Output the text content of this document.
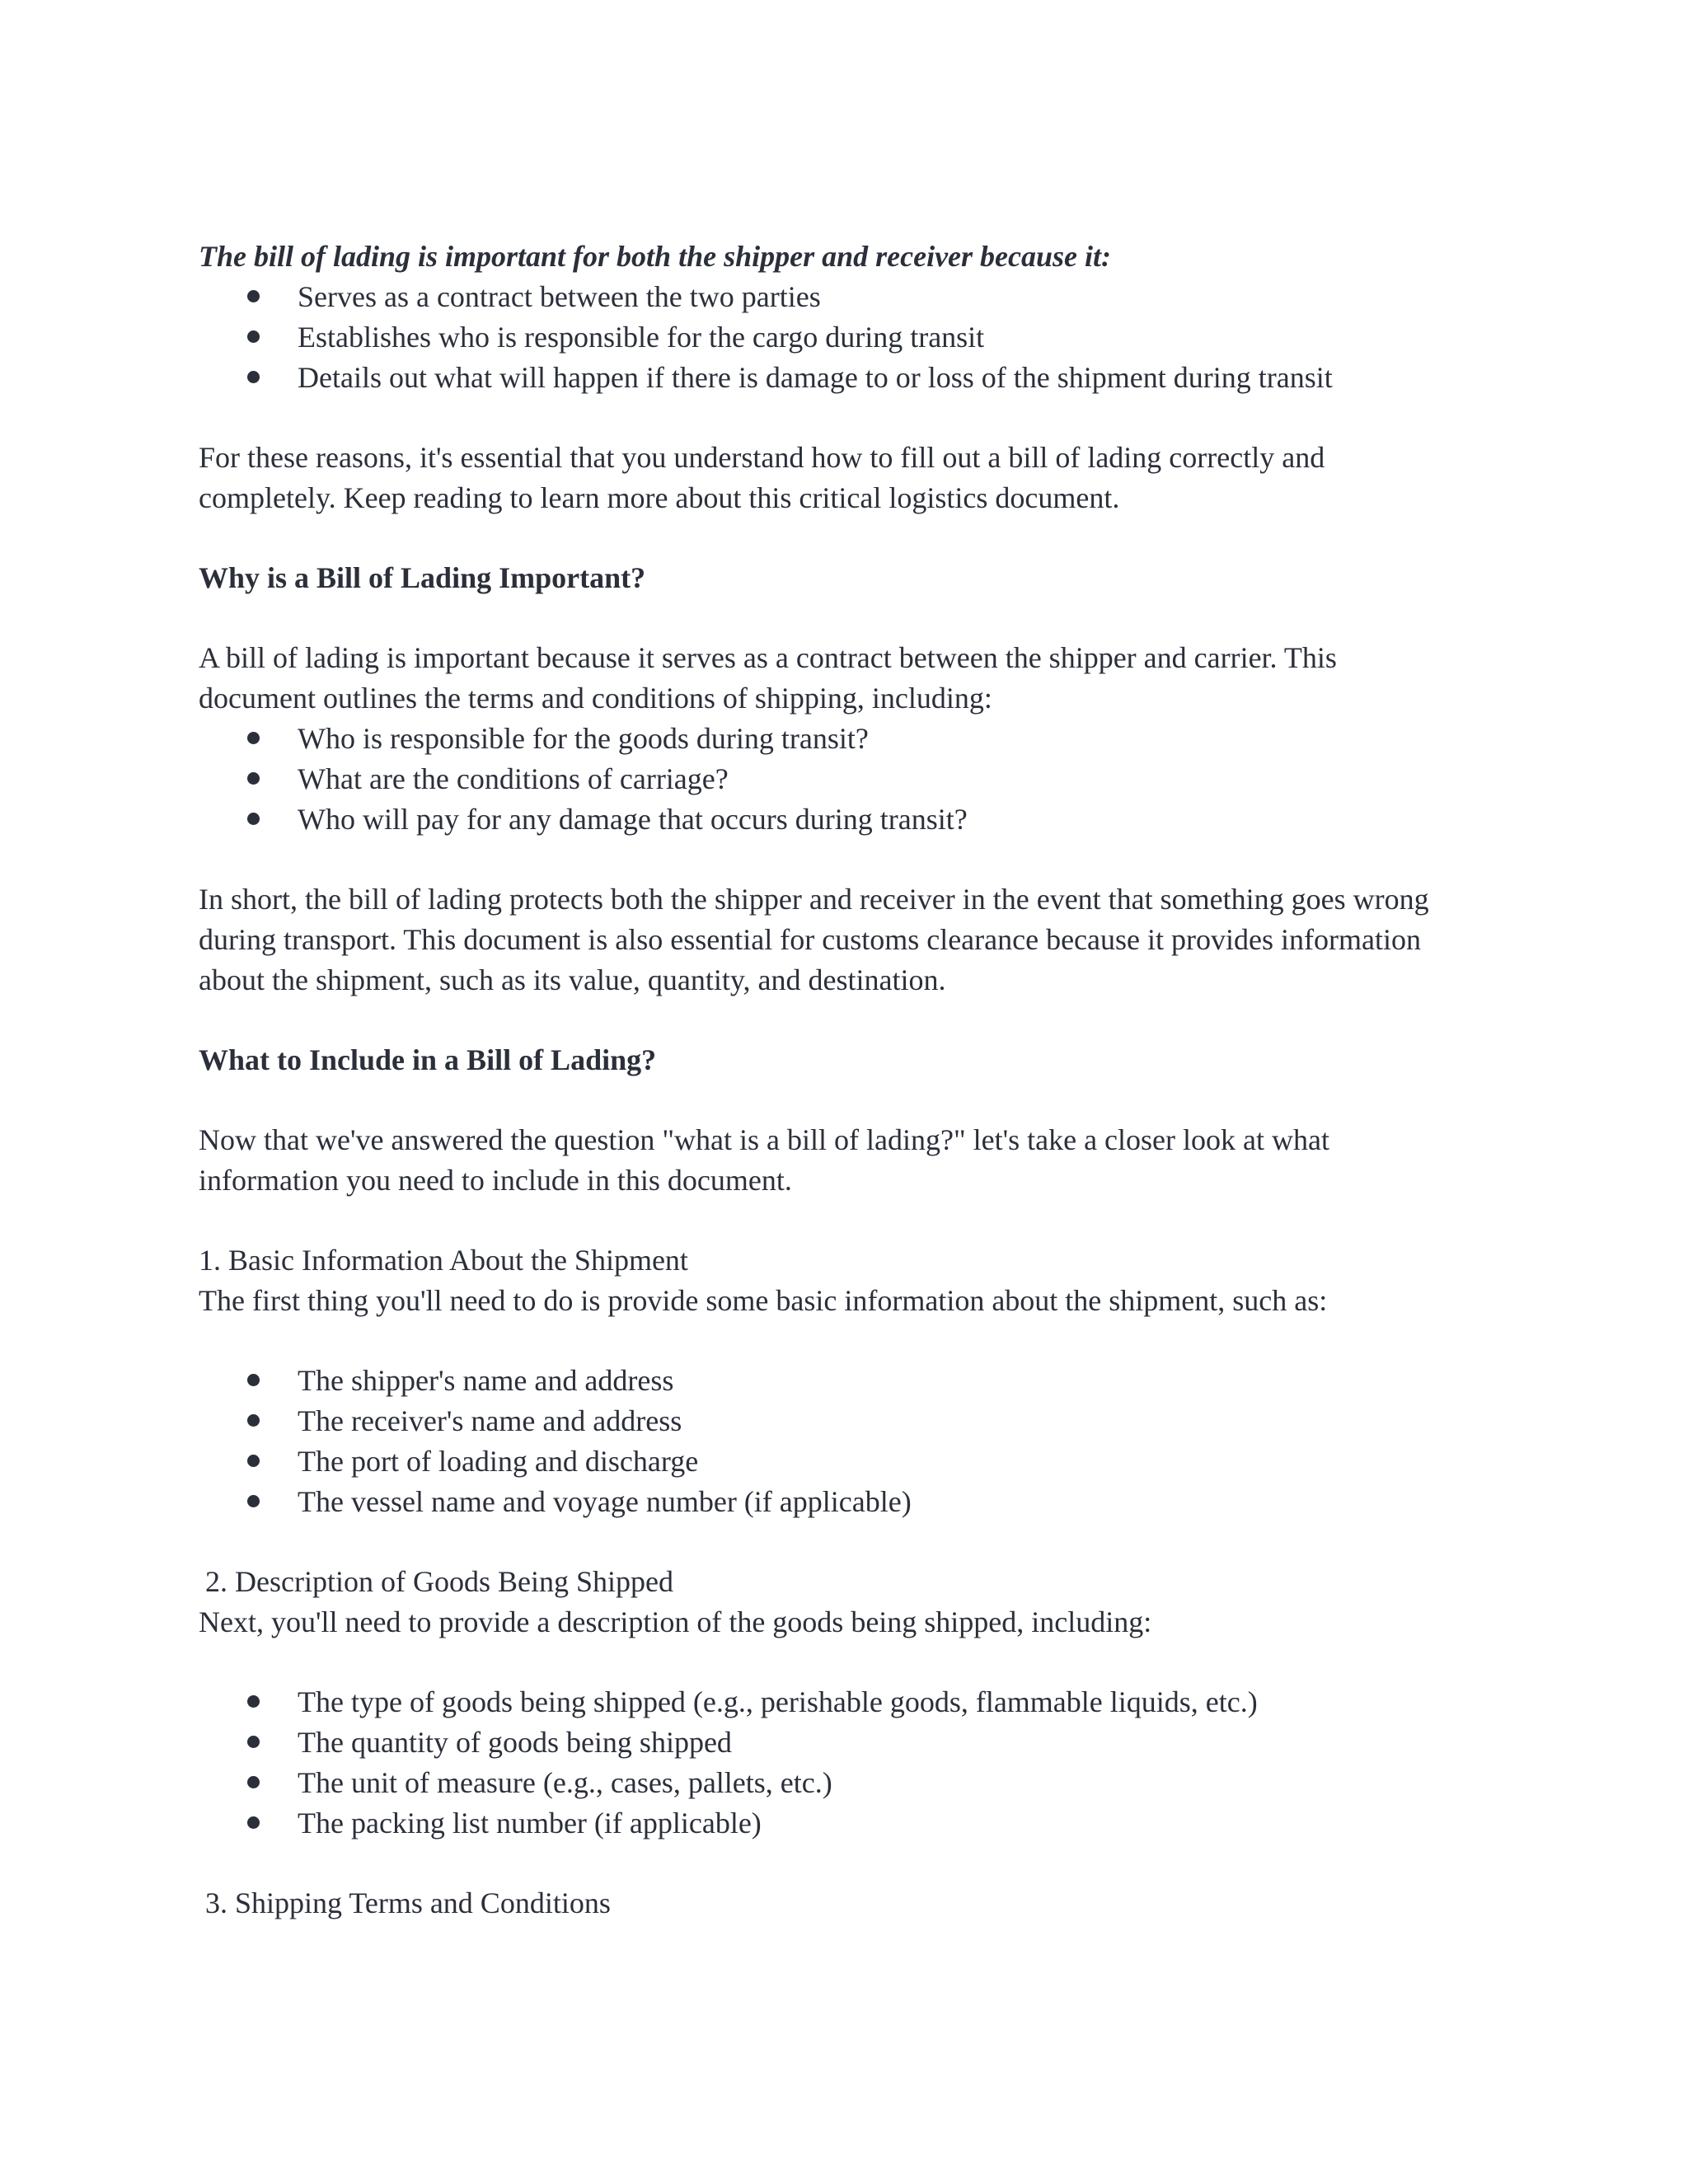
The bill of lading is important for both the shipper and receiver because it:
Serves as a contract between the two parties
Establishes who is responsible for the cargo during transit
Details out what will happen if there is damage to or loss of the shipment during transit
For these reasons, it's essential that you understand how to fill out a bill of lading correctly and
completely. Keep reading to learn more about this critical logistics document.
Why is a Bill of Lading Important?
A bill of lading is important because it serves as a contract between the shipper and carrier. This
document outlines the terms and conditions of shipping, including:
Who is responsible for the goods during transit?
What are the conditions of carriage?
Who will pay for any damage that occurs during transit?
In short, the bill of lading protects both the shipper and receiver in the event that something goes wrong
during transport. This document is also essential for customs clearance because it provides information
about the shipment, such as its value, quantity, and destination.
What to Include in a Bill of Lading?
Now that we've answered the question "what is a bill of lading?" let's take a closer look at what
information you need to include in this document.
1. Basic Information About the Shipment
The first thing you'll need to do is provide some basic information about the shipment, such as:
The shipper's name and address
The receiver's name and address
The port of loading and discharge
The vessel name and voyage number (if applicable)
2. Description of Goods Being Shipped
Next, you'll need to provide a description of the goods being shipped, including:
The type of goods being shipped (e.g., perishable goods, flammable liquids, etc.)
The quantity of goods being shipped
The unit of measure (e.g., cases, pallets, etc.)
The packing list number (if applicable)
3. Shipping Terms and Conditions
